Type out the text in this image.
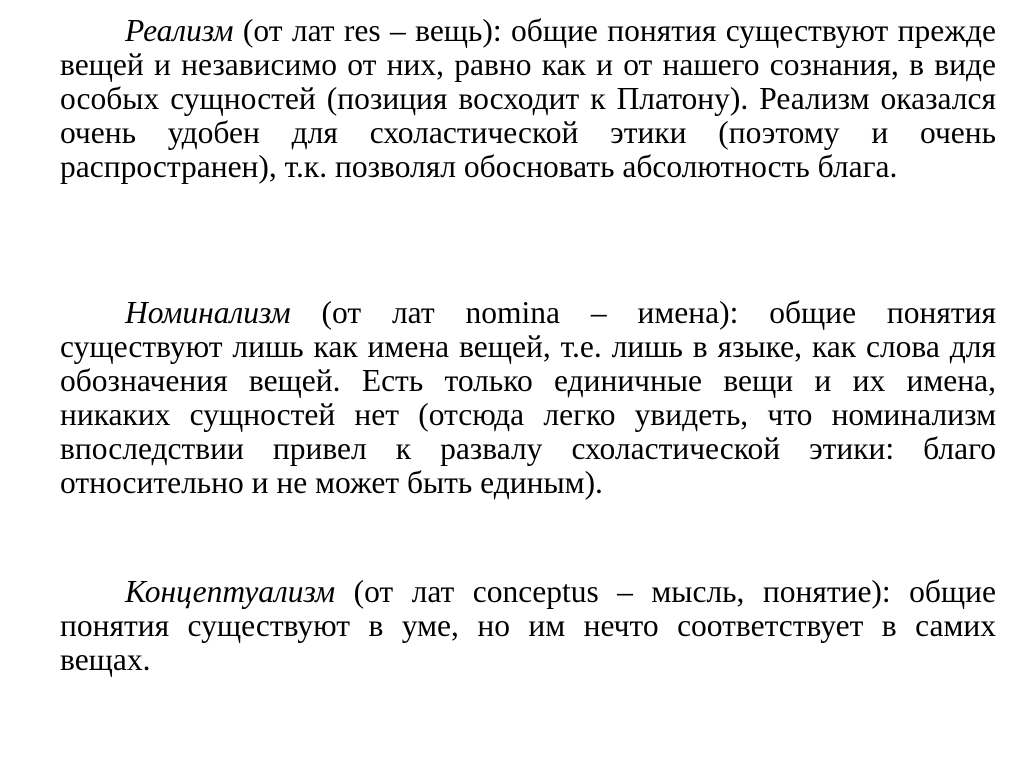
Реализм (от лат res – вещь): общие понятия существуют прежде вещей и независимо от них, равно как и от нашего сознания, в виде особых сущностей (позиция восходит к Платону). Реализм оказался очень удобен для схоластической этики (поэтому и очень распространен), т.к. позволял обосновать абсолютность блага.

Номинализм (от лат nomina – имена): общие понятия существуют лишь как имена вещей, т.е. лишь в языке, как слова для обозначения вещей. Есть только единичные вещи и их имена, никаких сущностей нет (отсюда легко увидеть, что номинализм впоследствии привел к развалу схоластической этики: благо относительно и не может быть единым).

Концептуализм (от лат conceptus – мысль, понятие): общие понятия существуют в уме, но им нечто соответствует в самих вещах.
